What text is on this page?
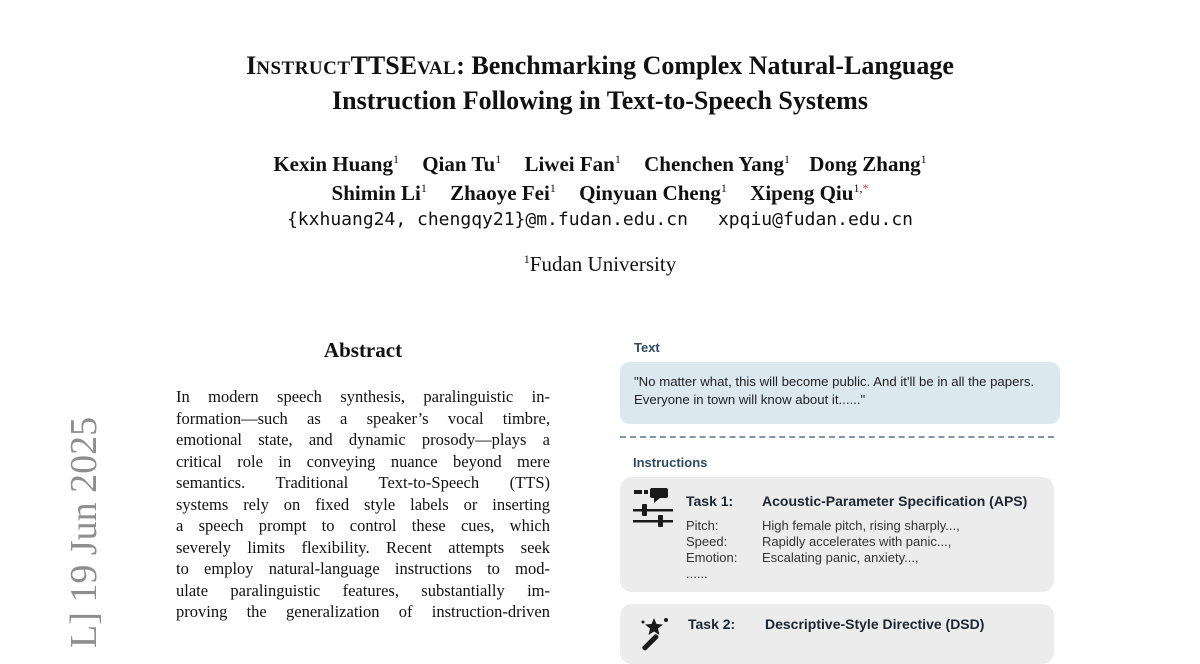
INSTRUCTTTSEVAL: Benchmarking Complex Natural-Language
Instruction Following in Text-to-Speech Systems
Kexin Huang$^1$ Qian Tu$^1$ Liwei Fan$^1$ Chenchen Yang$^1$ Dong Zhang$^1$
Shimin Li$^1$ Zhaoye Fei$^1$ Qinyuan Cheng$^1$ Xipeng Qiu$^{1,*}$
{kxhuang24, chengqy21}@m.fudan.edu.cn xpqiu@fudan.edu.cn
$^1$Fudan University
L] 19 Jun 2025
Abstract
In modern speech synthesis, paralinguistic in-
formation—such as a speaker’s vocal timbre,
emotional state, and dynamic prosody—plays a
critical role in conveying nuance beyond mere
semantics. Traditional Text-to-Speech (TTS)
systems rely on fixed style labels or inserting
a speech prompt to control these cues, which
severely limits flexibility. Recent attempts seek
to employ natural-language instructions to mod-
ulate paralinguistic features, substantially im-
proving the generalization of instruction-driven
Text
"No matter what, this will become public. And it'll be in all the papers. Everyone in town will know about it......"
Instructions
Task 1: Acoustic-Parameter Specification (APS)
Pitch:	High female pitch, rising sharply...,
Speed:	Rapidly accelerates with panic...,
Emotion: Escalating panic, anxiety...,
......
Task 2: Descriptive-Style Directive (DSD)
